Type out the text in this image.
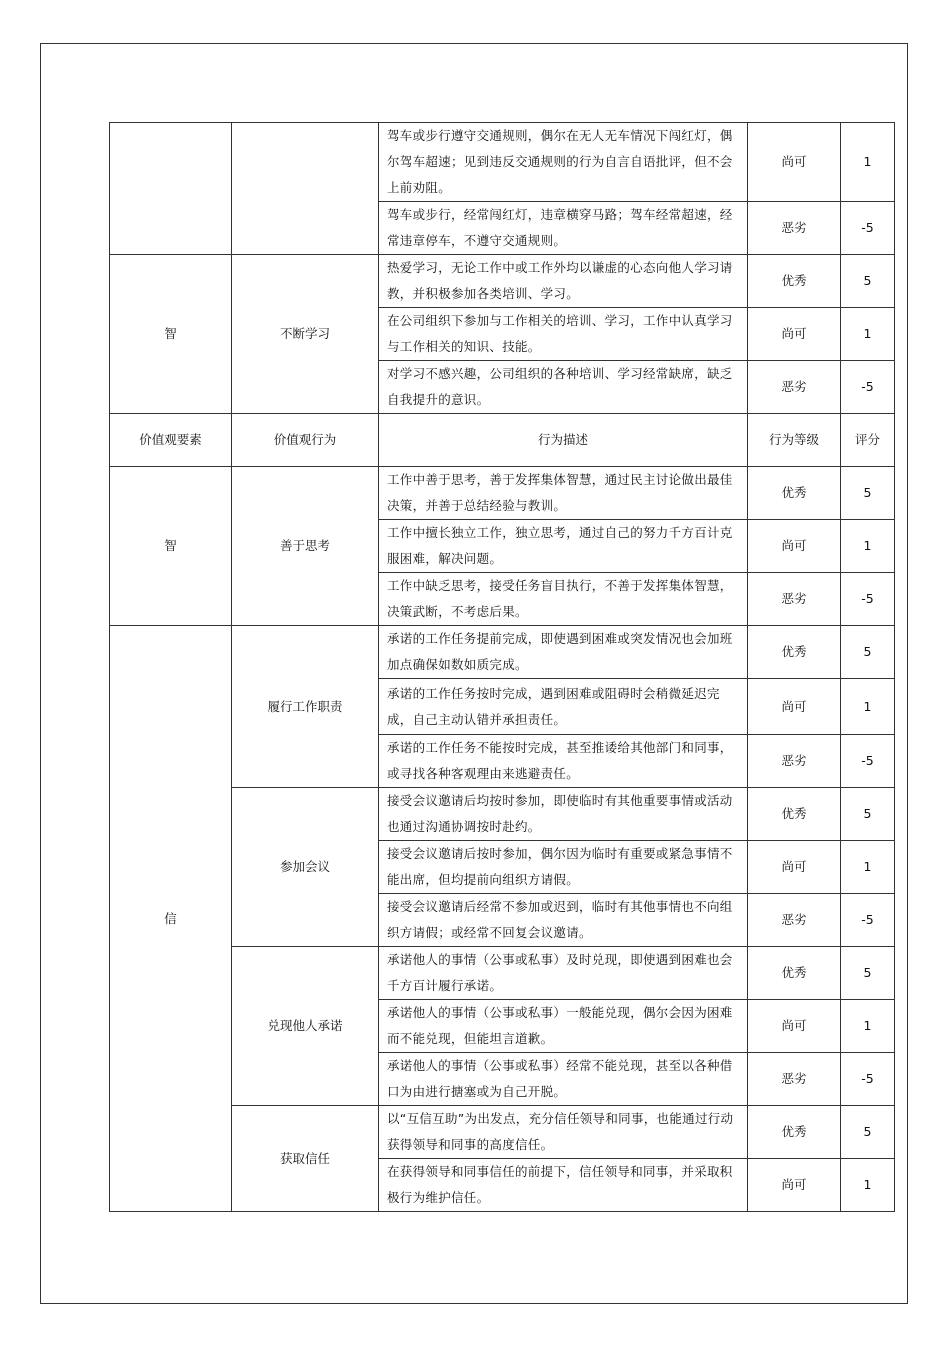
		驾车或步行遵守交通规则，偶尔在无人无车情况下闯红灯，偶尔驾车超速；见到违反交通规则的行为自言自语批评，但不会上前劝阻。	尚可	1
		驾车或步行，经常闯红灯，违章横穿马路；驾车经常超速，经常违章停车，不遵守交通规则。	恶劣	-5
智	不断学习	热爱学习，无论工作中或工作外均以谦虚的心态向他人学习请教，并积极参加各类培训、学习。	优秀	5
		在公司组织下参加与工作相关的培训、学习，工作中认真学习与工作相关的知识、技能。	尚可	1
		对学习不感兴趣，公司组织的各种培训、学习经常缺席，缺乏自我提升的意识。	恶劣	-5
价值观要素	价值观行为	行为描述	行为等级	评分
智	善于思考	工作中善于思考，善于发挥集体智慧，通过民主讨论做出最佳决策，并善于总结经验与教训。	优秀	5
		工作中擅长独立工作，独立思考，通过自己的努力千方百计克服困难，解决问题。	尚可	1
		工作中缺乏思考，接受任务盲目执行，不善于发挥集体智慧，决策武断，不考虑后果。	恶劣	-5
信	履行工作职责	承诺的工作任务提前完成，即使遇到困难或突发情况也会加班加点确保如数如质完成。	优秀	5
		承诺的工作任务按时完成，遇到困难或阻碍时会稍微延迟完成，自己主动认错并承担责任。	尚可	1
		承诺的工作任务不能按时完成，甚至推诿给其他部门和同事，或寻找各种客观理由来逃避责任。	恶劣	-5
	参加会议	接受会议邀请后均按时参加，即使临时有其他重要事情或活动也通过沟通协调按时赴约。	优秀	5
		接受会议邀请后按时参加，偶尔因为临时有重要或紧急事情不能出席，但均提前向组织方请假。	尚可	1
		接受会议邀请后经常不参加或迟到，临时有其他事情也不向组织方请假；或经常不回复会议邀请。	恶劣	-5
	兑现他人承诺	承诺他人的事情（公事或私事）及时兑现，即使遇到困难也会千方百计履行承诺。	优秀	5
		承诺他人的事情（公事或私事）一般能兑现，偶尔会因为困难而不能兑现，但能坦言道歉。	尚可	1
		承诺他人的事情（公事或私事）经常不能兑现，甚至以各种借口为由进行搪塞或为自己开脱。	恶劣	-5
	获取信任	以“互信互助”为出发点，充分信任领导和同事，也能通过行动获得领导和同事的高度信任。	优秀	5
		在获得领导和同事信任的前提下，信任领导和同事，并采取积极行为维护信任。	尚可	1
